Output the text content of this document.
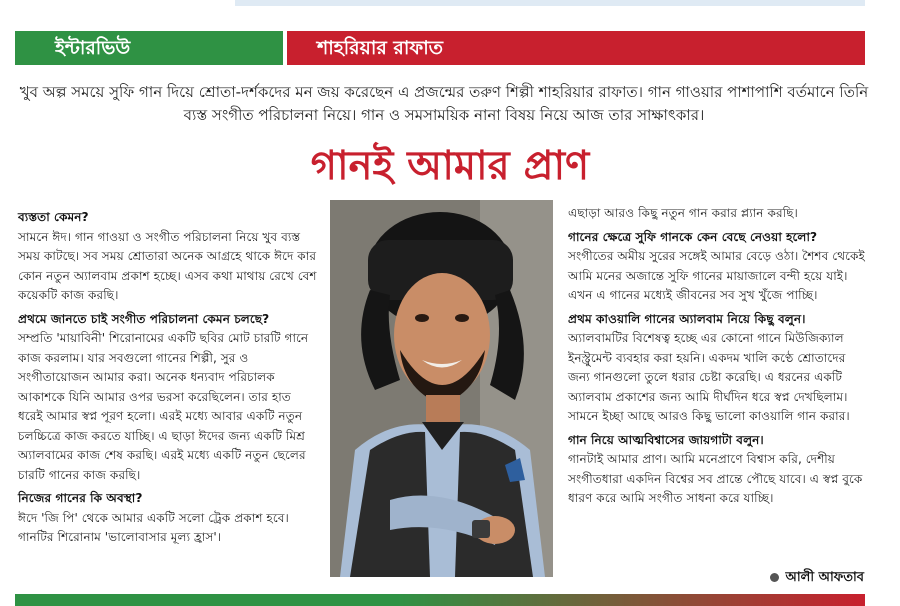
ইন্টারভিউ	শাহরিয়ার রাফাত
খুব অল্প সময়ে সুফি গান দিয়ে শ্রোতা-দর্শকদের মন জয় করেছেন এ প্রজন্মের তরুণ শিল্পী শাহরিয়ার রাফাত। গান গাওয়ার পাশাপাশি বর্তমানে তিনি ব্যস্ত সংগীত পরিচালনা নিয়ে। গান ও সমসাময়িক নানা বিষয় নিয়ে আজ তার সাক্ষাৎকার।
গানই আমার প্রাণ
ব্যস্ততা কেমন?
সামনে ঈদ। গান গাওয়া ও সংগীত পরিচালনা নিয়ে খুব ব্যস্ত সময় কাটছে। সব সময় শ্রোতারা অনেক আগ্রহে থাকে ঈদে কার কোন নতুন অ্যালবাম প্রকাশ হচ্ছে। এসব কথা মাথায় রেখে বেশ কয়েকটি কাজ করছি।
প্রথমে জানতে চাই সংগীত পরিচালনা কেমন চলছে?
সম্প্রতি 'মায়াবিনী' শিরোনামের একটি ছবির মোট চারটি গানে কাজ করলাম। যার সবগুলো গানের শিল্পী, সুর ও সংগীতায়োজন আমার করা। অনেক ধন্যবাদ পরিচালক আকাশকে যিনি আমার ওপর ভরসা করেছিলেন। তার হাত ধরেই আমার স্বপ্ন পূরণ হলো। এরই মধ্যে আবার একটি নতুন চলচ্চিত্রে কাজ করতে যাচ্ছি। এ ছাড়া ঈদের জন্য একটি মিশ্র অ্যালবামের কাজ শেষ করছি। এরই মধ্যে একটি নতুন ছেলের চারটি গানের কাজ করছি।
নিজের গানের কি অবস্থা?
ঈদে 'জি পি' থেকে আমার একটি সলো ট্রেক প্রকাশ হবে। গানটির শিরোনাম 'ভালোবাসার মূল্য হ্রাস'।
এছাড়া আরও কিছু নতুন গান করার প্ল্যান করছি।
গানের ক্ষেত্রে সুফি গানকে কেন বেছে নেওয়া হলো?
সংগীতের অমীয় সুরের সঙ্গেই আমার বেড়ে ওঠা। শৈশব থেকেই আমি মনের অজান্তে সুফি গানের মায়াজালে বন্দী হয়ে যাই। এখন এ গানের মধ্যেই জীবনের সব সুখ খুঁজে পাচ্ছি।
প্রথম কাওয়ালি গানের অ্যালবাম নিয়ে কিছু বলুন।
অ্যালবামটির বিশেষত্ব হচ্ছে এর কোনো গানে মিউজিক্যাল ইনস্ট্রুমেন্ট ব্যবহার করা হয়নি। একদম খালি কণ্ঠে শ্রোতাদের জন্য গানগুলো তুলে ধরার চেষ্টা করেছি। এ ধরনের একটি অ্যালবাম প্রকাশের জন্য আমি দীর্ঘদিন ধরে স্বপ্ন দেখছিলাম। সামনে ইচ্ছা আছে আরও কিছু ভালো কাওয়ালি গান করার।
গান নিয়ে আত্মবিশ্বাসের জায়গাটা বলুন।
গানটাই আমার প্রাণ। আমি মনেপ্রাণে বিশ্বাস করি, দেশীয় সংগীতধারা একদিন বিশ্বের সব প্রান্তে পৌছে যাবে। এ স্বপ্ন বুকে ধারণ করে আমি সংগীত সাধনা করে যাচ্ছি।
আলী আফতাব
